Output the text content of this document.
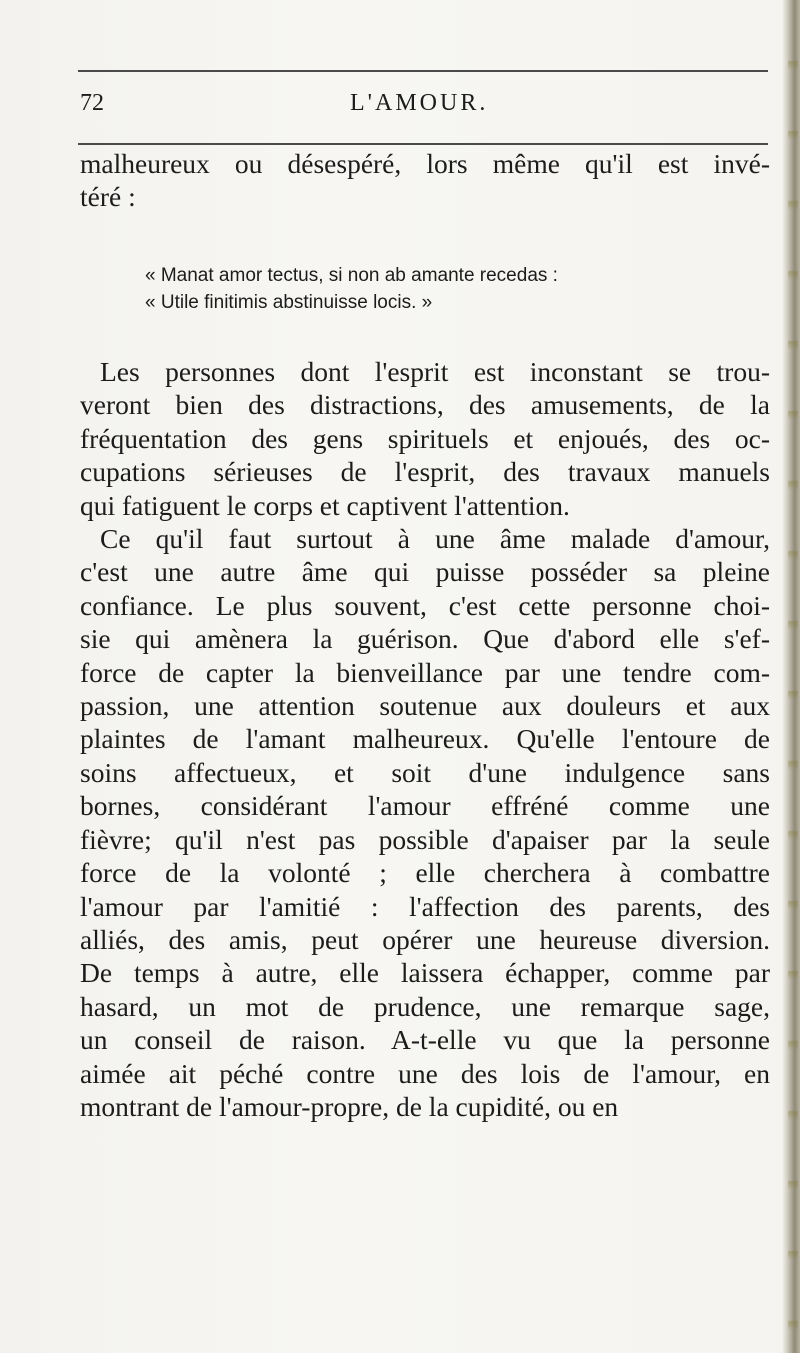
72	L'AMOUR.
malheureux ou désespéré, lors même qu'il est invé-
téré :
« Manat amor tectus, si non ab amante recedas :
« Utile finitimis abstinuisse locis. »
Les personnes dont l'esprit est inconstant se trou-
veront bien des distractions, des amusements, de la
fréquentation des gens spirituels et enjoués, des oc-
cupations sérieuses de l'esprit, des travaux manuels
qui fatiguent le corps et captivent l'attention.
Ce qu'il faut surtout à une âme malade d'amour,
c'est une autre âme qui puisse posséder sa pleine
confiance. Le plus souvent, c'est cette personne choi-
sie qui amènera la guérison. Que d'abord elle s'ef-
force de capter la bienveillance par une tendre com-
passion, une attention soutenue aux douleurs et aux
plaintes de l'amant malheureux. Qu'elle l'entoure de
soins affectueux, et soit d'une indulgence sans
bornes, considérant l'amour effréné comme une
fièvre; qu'il n'est pas possible d'apaiser par la seule
force de la volonté ; elle cherchera à combattre
l'amour par l'amitié : l'affection des parents, des
alliés, des amis, peut opérer une heureuse diversion.
De temps à autre, elle laissera échapper, comme par
hasard, un mot de prudence, une remarque sage,
un conseil de raison. A-t-elle vu que la personne
aimée ait péché contre une des lois de l'amour, en
montrant de l'amour-propre, de la cupidité, ou en
